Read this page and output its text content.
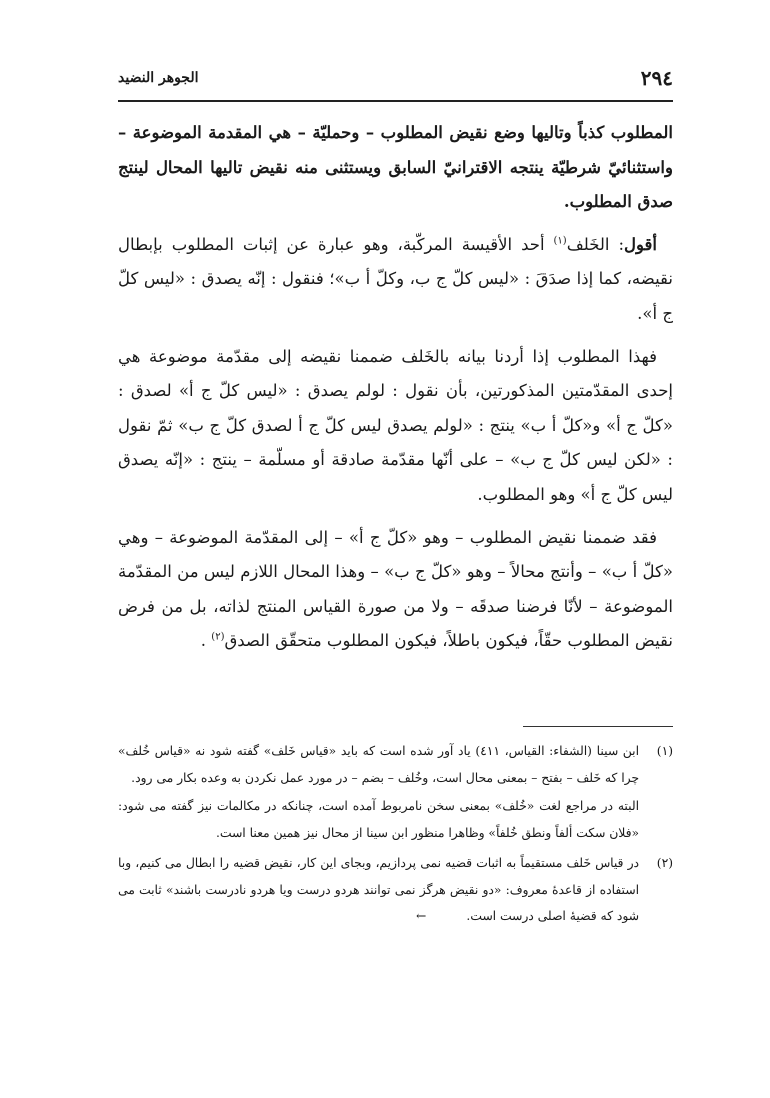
٢٩٤
الجوهر النضيد

المطلوب كذباً وتاليها وضع نقيض المطلوب – وحمليّة – هي المقدمة الموضوعة – واستثنائيّ شرطيّة ينتجه الاقترانيّ السابق ويستثنى منه نقيض تاليها المحال لينتج صدق المطلوب.

أقول: الخَلف$^{(١)}$ أحد الأقيسة المركّبة، وهو عبارة عن إثبات المطلوب بإبطال نقيضه، كما إذا صدَقَ : «ليس كلّ ج ب، وكلّ أ ب»؛ فنقول : إنّه يصدق : «ليس كلّ ج أ».

فهذا المطلوب إذا أردنا بيانه بالخَلف ضممنا نقيضه إلى مقدّمة موضوعة هي إحدى المقدّمتين المذكورتين، بأن نقول : لولم يصدق : «ليس كلّ ج أ» لصدق : «كلّ ج أ» و«كلّ أ ب» ينتج : «لولم يصدق ليس كلّ ج أ لصدق كلّ ج ب» ثمّ نقول : «لكن ليس كلّ ج ب» – على أنّها مقدّمة صادقة أو مسلّمة – ينتج : «إنّه يصدق ليس كلّ ج أ» وهو المطلوب.

فقد ضممنا نقيض المطلوب – وهو «كلّ ج أ» – إلى المقدّمة الموضوعة – وهي «كلّ أ ب» – وأنتج محالاً – وهو «كلّ ج ب» – وهذا المحال اللازم ليس من المقدّمة الموضوعة – لأنّا فرضنا صدقَه – ولا من صورة القياس المنتج لذاته، بل من فرض نقيض المطلوب حقّاً، فيكون باطلاً، فيكون المطلوب متحقّق الصدق$^{(٢)}$ .

(١)
ابن سينا (الشفاء: القياس، ٤١١) ياد آور شده است كه بايد «قياس خَلف» گفته شود نه «قياس خُلف» چرا كه خَلف – بفتح – بمعنى محال است، وخُلف – بضم – در مورد عمل نكردن به وعده بكار مى رود.
البته در مراجع لغت «خُلف» بمعنى سخن نامربوط آمده است، چنانكه در مكالمات نيز گفته مى شود: «فلان سكت ألفاً ونطق خُلفاً» وظاهرا منظور ابن سينا از محال نيز همين معنا است.
(٢)
در قياس خَلف مستقيماً به اثبات قضيه نمى پردازيم، وبجاى اين كار، نقيض قضيه را ابطال مى كنيم، وبا استفاده از قاعدهٔ معروف: «دو نقيض هرگز نمى توانند هردو درست ويا هردو نادرست باشند» ثابت مى شود كه قضيهٔ اصلى درست است.←
